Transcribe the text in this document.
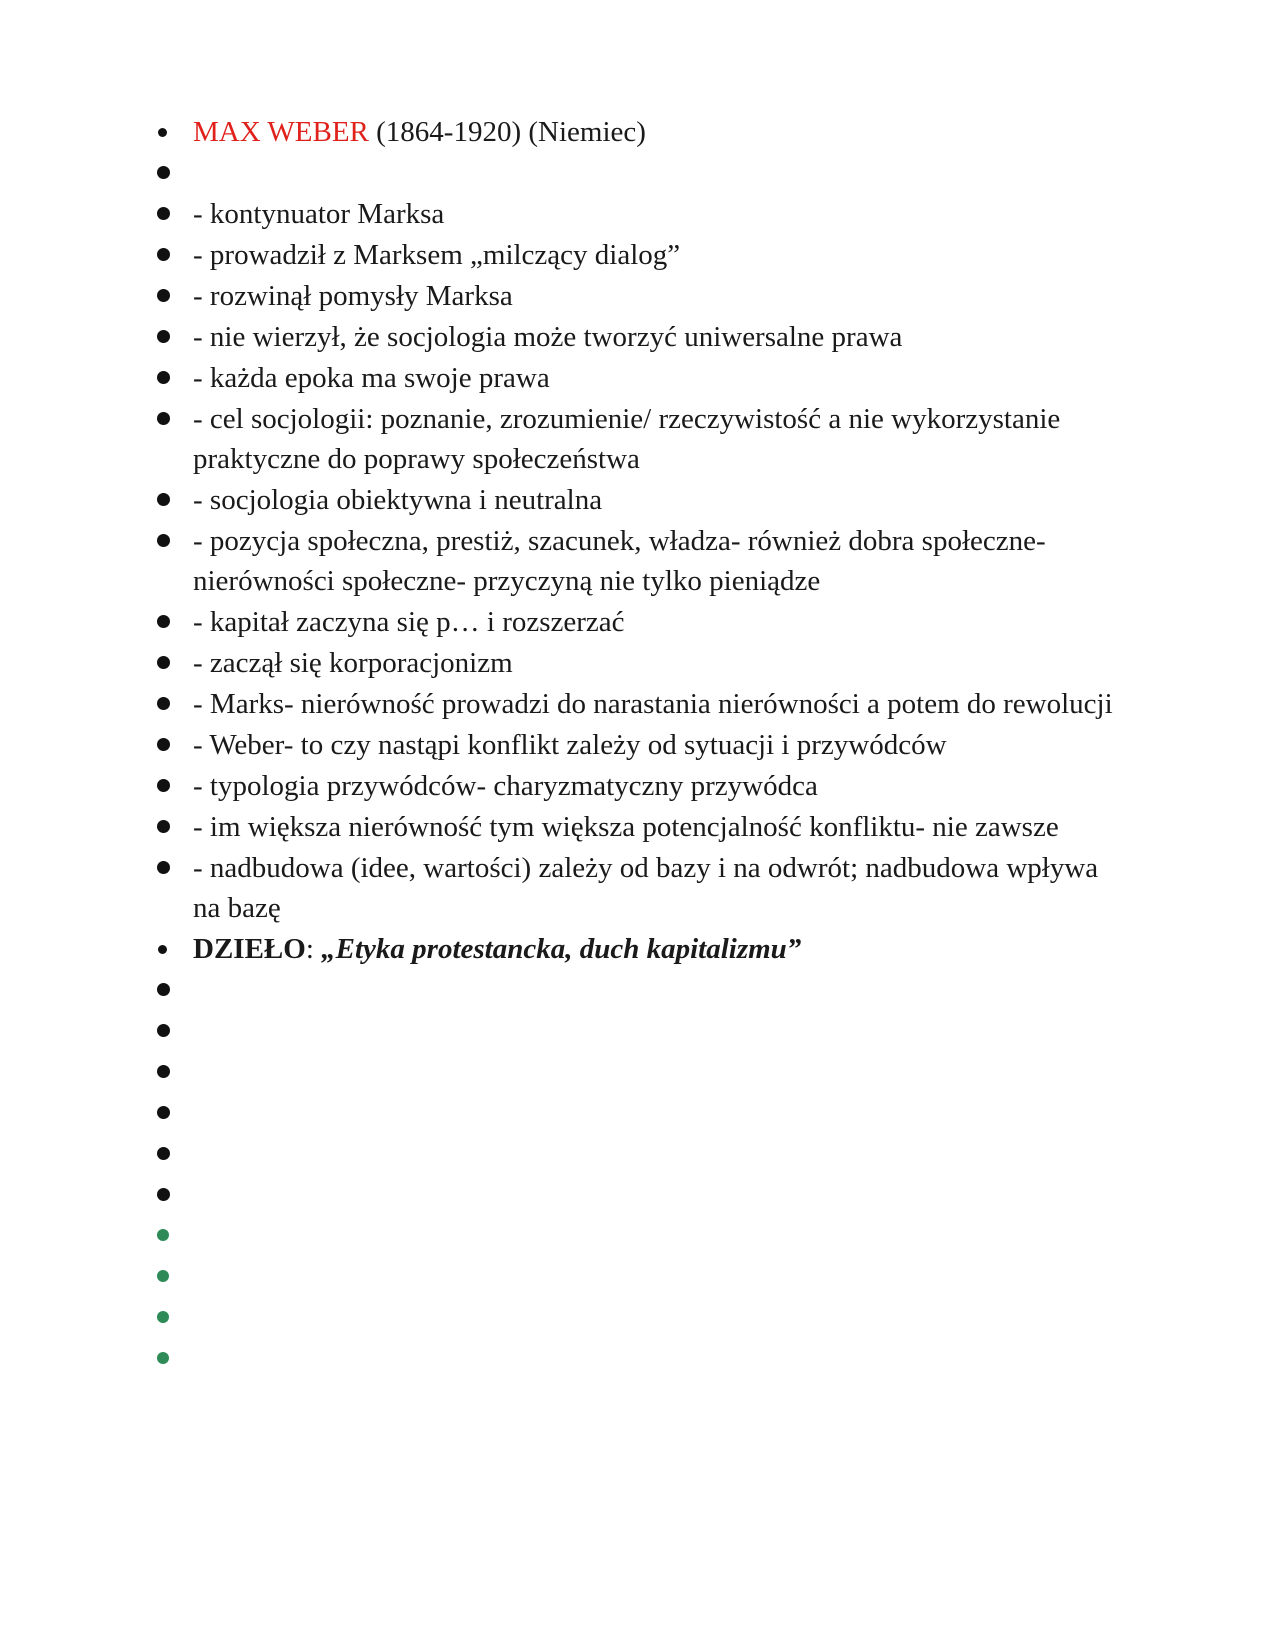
MAX WEBER (1864-1920) (Niemiec)
- kontynuator Marksa
- prowadził z Marksem „milczący dialog”
- rozwinął pomysły Marksa
- nie wierzył, że socjologia może tworzyć uniwersalne prawa
- każda epoka ma swoje prawa
- cel socjologii: poznanie, zrozumienie/ rzeczywistość a nie wykorzystanie praktyczne do poprawy społeczeństwa
- socjologia obiektywna i neutralna
- pozycja społeczna, prestiż, szacunek, władza- również dobra społeczne- nierówności społeczne- przyczyną nie tylko pieniądze
- kapitał zaczyna się p… i rozszerzać
- zaczął się korporacjonizm
- Marks- nierówność prowadzi do narastania nierówności a potem do rewolucji
- Weber- to czy nastąpi konflikt zależy od sytuacji i przywódców
- typologia przywódców- charyzmatyczny przywódca
- im większa nierówność tym większa potencjalność konfliktu- nie zawsze
- nadbudowa (idee, wartości) zależy od bazy i na odwrót; nadbudowa wpływa na bazę
DZIEŁO: „Etyka protestancka, duch kapitalizmu”
